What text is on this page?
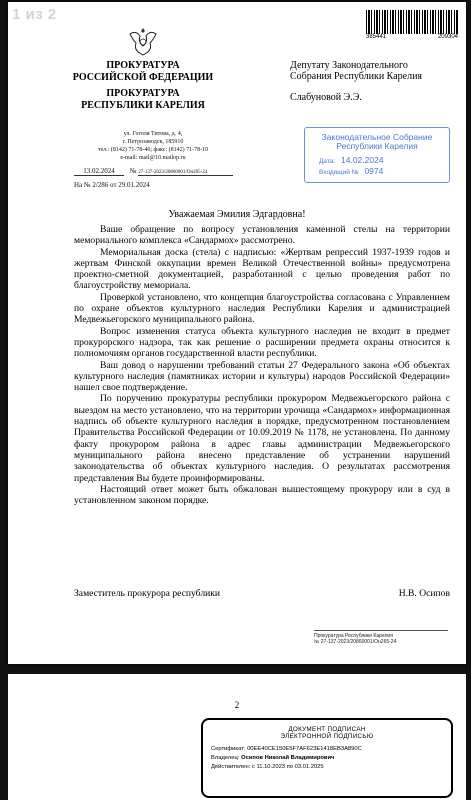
385441	209304
ПРОКУРАТУРА
РОССИЙСКОЙ ФЕДЕРАЦИИ
ПРОКУРАТУРА
РЕСПУБЛИКИ КАРЕЛИЯ
ул. Гоголя Титова, д. 4,
г. Петрозаводск, 185910
тел.: (8142) 71-78-46; факс: (8142) 71-78-10
e-mail: mail@10.mailop.ru
13.02.2024 № 27-137-2023/20860001/Он265-24
На № 2/286 от 29.01.2024
Депутату Законодательного
Собрания Республики Карелия
Слабуновой Э.Э.
Законодательное Собрание
Республики Карелия
Дата: 14.02.2024
Входящий № 0974
Уважаемая Эмилия Эдгардовна!

Ваше обращение по вопросу установления каменной стелы на территории мемориального комплекса «Сандармох» рассмотрено.

Мемориальная доска (стела) с надписью: «Жертвам репрессий 1937-1939 годов и жертвам Финской оккупации времен Великой Отечественной войны» предусмотрена проектно-сметной документацией, разработанной с целью проведения работ по благоустройству мемориала.

Проверкой установлено, что концепция благоустройства согласована с Управлением по охране объектов культурного наследия Республики Карелия и администрацией Медвежьегорского муниципального района.

Вопрос изменения статуса объекта культурного наследия не входит в предмет прокурорского надзора, так как решение о расширении предмета охраны относится к полномочиям органов государственной власти республики.

Ваш довод о нарушении требований статьи 27 Федерального закона «Об объектах культурного наследия (памятниках истории и культуры) народов Российской Федерации» нашел свое подтверждение.

По поручению прокуратуры республики прокурором Медвежьегорского района с выездом на место установлено, что на территории урочища «Сандармох» информационная надпись об объекте культурного наследия в порядке, предусмотренном постановлением Правительства Российской Федерации от 10.09.2019 № 1178, не установлена. По данному факту прокурором района в адрес главы администрации Медвежьегорского муниципального района внесено представление об устранении нарушений законодательства об объектах культурного наследия. О результатах рассмотрения представления Вы будете проинформированы.

Настоящий ответ может быть обжалован вышестоящему прокурору или в суд в установленном законом порядке.

Заместитель прокурора республики	Н.В. Осипов
Прокуратура Республики Карелия
№ 27-137-2023/20860001/Он265-24
1 из 2
2
ДОКУМЕНТ ПОДПИСАН
ЭЛЕКТРОННОЙ ПОДПИСЬЮ
Сертификат: 00EE40CE150E5F7AF623E1418EB3A890C
Владелец: Осипов Николай Владимирович
Действителен: с 11.10.2023 по 03.01.2025
